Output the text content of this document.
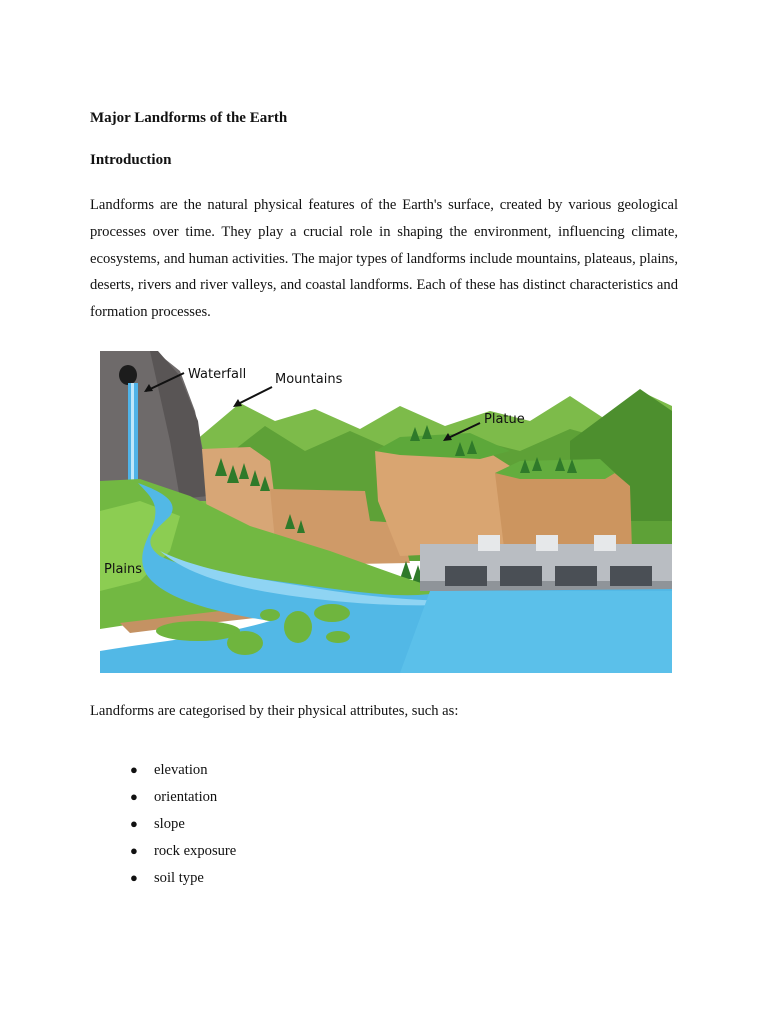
Major Landforms of the Earth
Introduction

Landforms are the natural physical features of the Earth's surface, created by various geological processes over time. They play a crucial role in shaping the environment, influencing climate, ecosystems, and human activities. The major types of landforms include mountains, plateaus, plains, deserts, rivers and river valleys, and coastal landforms. Each of these has distinct characteristics and formation processes.

Waterfall Mountains
Platue
Plains

Landforms are categorised by their physical attributes, such as:

● elevation
● orientation
● slope
● rock exposure
● soil type
